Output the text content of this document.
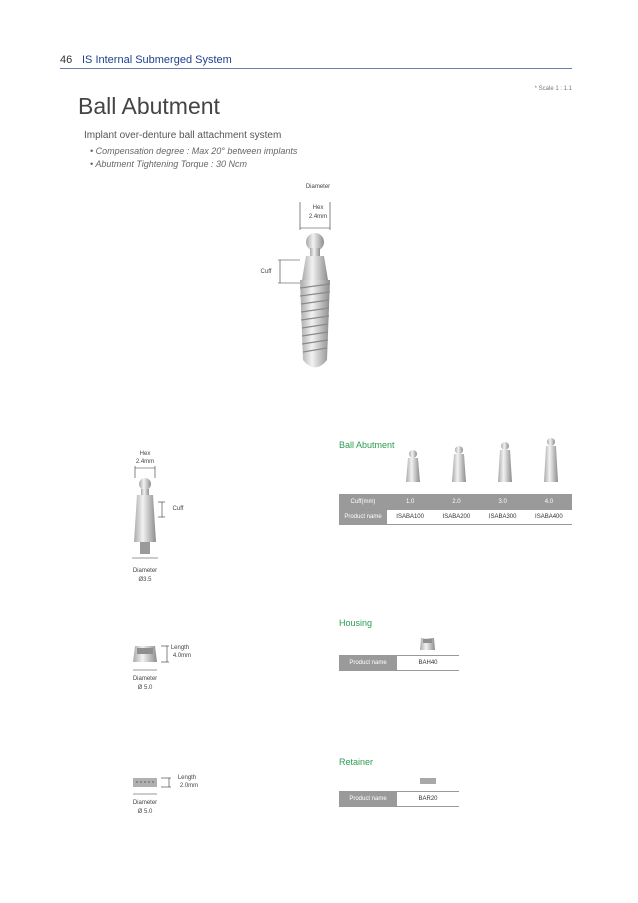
46 IS Internal Submerged System
* Scale 1 : 1.1
Ball Abutment
Implant over-denture ball attachment system
• Compensation degree : Max 20° between implants
• Abutment Tightening Torque : 30 Ncm
Diameter
Hex
2.4mm
Cuff
Hex
2.4mm
Cuff
Diameter
Ø3.5
Ball Abutment
Cuff(mm)	1.0	2.0	3.0	4.0
Product name	ISABA100	ISABA200	ISABA300	ISABA400
Length
4.0mm
Diameter
Ø 5.0
Housing
Product name	BAH40
Length
2.0mm
Diameter
Ø 5.0
Retainer
Product name	BAR20
